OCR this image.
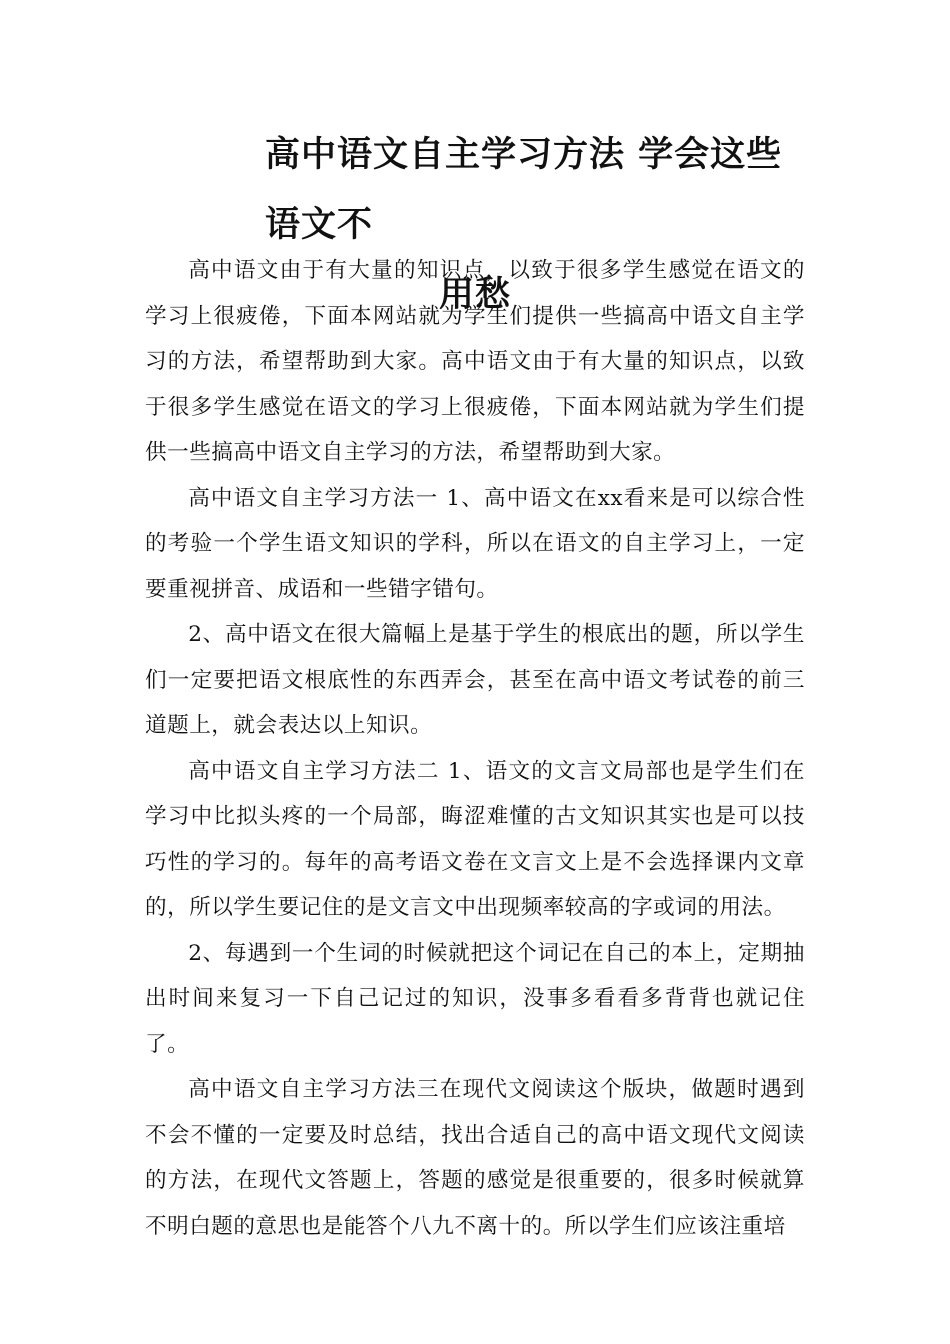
高中语文自主学习方法 学会这些语文不
用愁

高中语文由于有大量的知识点，以致于很多学生感觉在语文的学习上很疲倦，下面本网站就为学生们提供一些搞高中语文自主学习的方法，希望帮助到大家。高中语文由于有大量的知识点，以致于很多学生感觉在语文的学习上很疲倦，下面本网站就为学生们提供一些搞高中语文自主学习的方法，希望帮助到大家。

高中语文自主学习方法一 1、高中语文在xx看来是可以综合性的考验一个学生语文知识的学科，所以在语文的自主学习上，一定要重视拼音、成语和一些错字错句。

2、高中语文在很大篇幅上是基于学生的根底出的题，所以学生们一定要把语文根底性的东西弄会，甚至在高中语文考试卷的前三道题上，就会表达以上知识。

高中语文自主学习方法二 1、语文的文言文局部也是学生们在学习中比拟头疼的一个局部，晦涩难懂的古文知识其实也是可以技巧性的学习的。每年的高考语文卷在文言文上是不会选择课内文章的，所以学生要记住的是文言文中出现频率较高的字或词的用法。

2、每遇到一个生词的时候就把这个词记在自己的本上，定期抽出时间来复习一下自己记过的知识，没事多看看多背背也就记住了。

高中语文自主学习方法三在现代文阅读这个版块，做题时遇到不会不懂的一定要及时总结，找出合适自己的高中语文现代文阅读的方法，在现代文答题上，答题的感觉是很重要的，很多时候就算不明白题的意思也是能答个八九不离十的。所以学生们应该注重培
